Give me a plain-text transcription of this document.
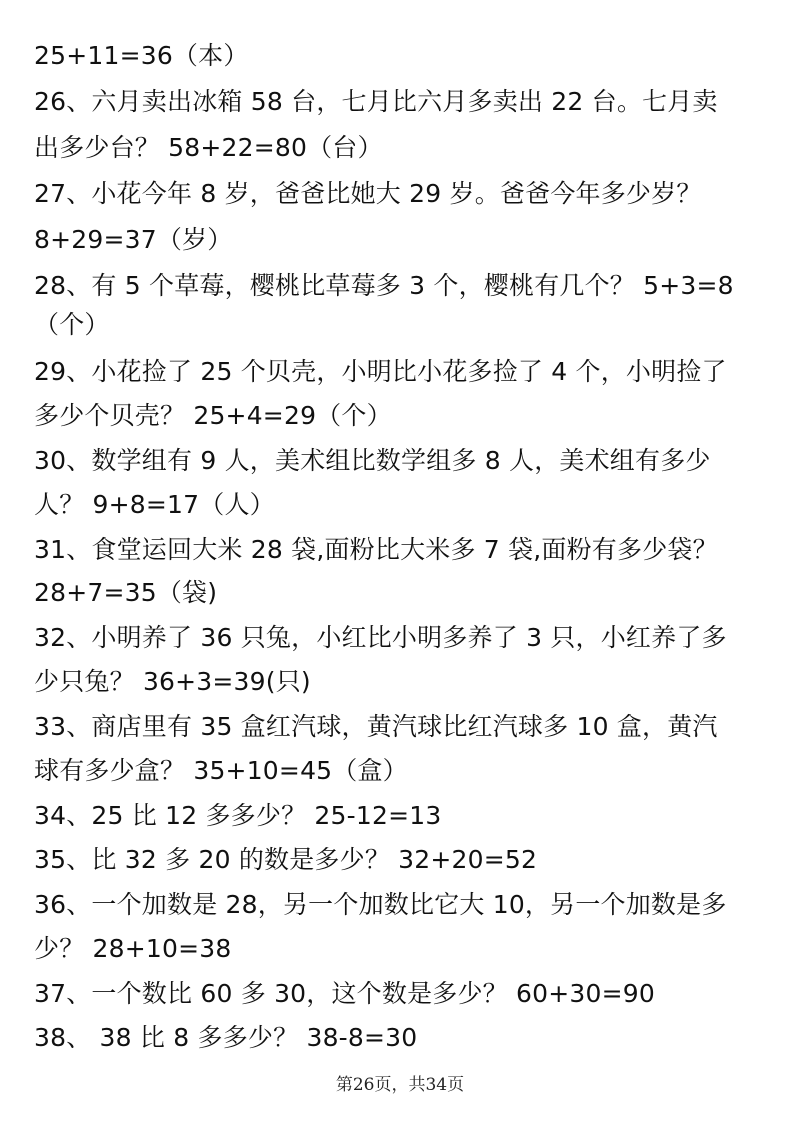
25+11=36（本）
26、六月卖出冰箱 58 台，七月比六月多卖出 22 台。七月卖
出多少台？ 58+22=80（台）
27、小花今年 8 岁，爸爸比她大 29 岁。爸爸今年多少岁？
8+29=37（岁）
28、有 5 个草莓，樱桃比草莓多 3 个，樱桃有几个？ 5+3=8
（个）
29、小花捡了 25 个贝壳，小明比小花多捡了 4 个，小明捡了
多少个贝壳？ 25+4=29（个）
30、数学组有 9 人，美术组比数学组多 8 人，美术组有多少
人？ 9+8=17（人）
31、食堂运回大米 28 袋,面粉比大米多 7 袋,面粉有多少袋？
28+7=35（袋)
32、小明养了 36 只兔，小红比小明多养了 3 只，小红养了多
少只兔？ 36+3=39(只)
33、商店里有 35 盒红汽球，黄汽球比红汽球多 10 盒，黄汽
球有多少盒？ 35+10=45（盒）
34、25 比 12 多多少？ 25-12=13
35、比 32 多 20 的数是多少？ 32+20=52
36、一个加数是 28，另一个加数比它大 10，另一个加数是多
少？ 28+10=38
37、一个数比 60 多 30，这个数是多少？ 60+30=90
38、 38 比 8 多多少？ 38-8=30
第26页，共34页
